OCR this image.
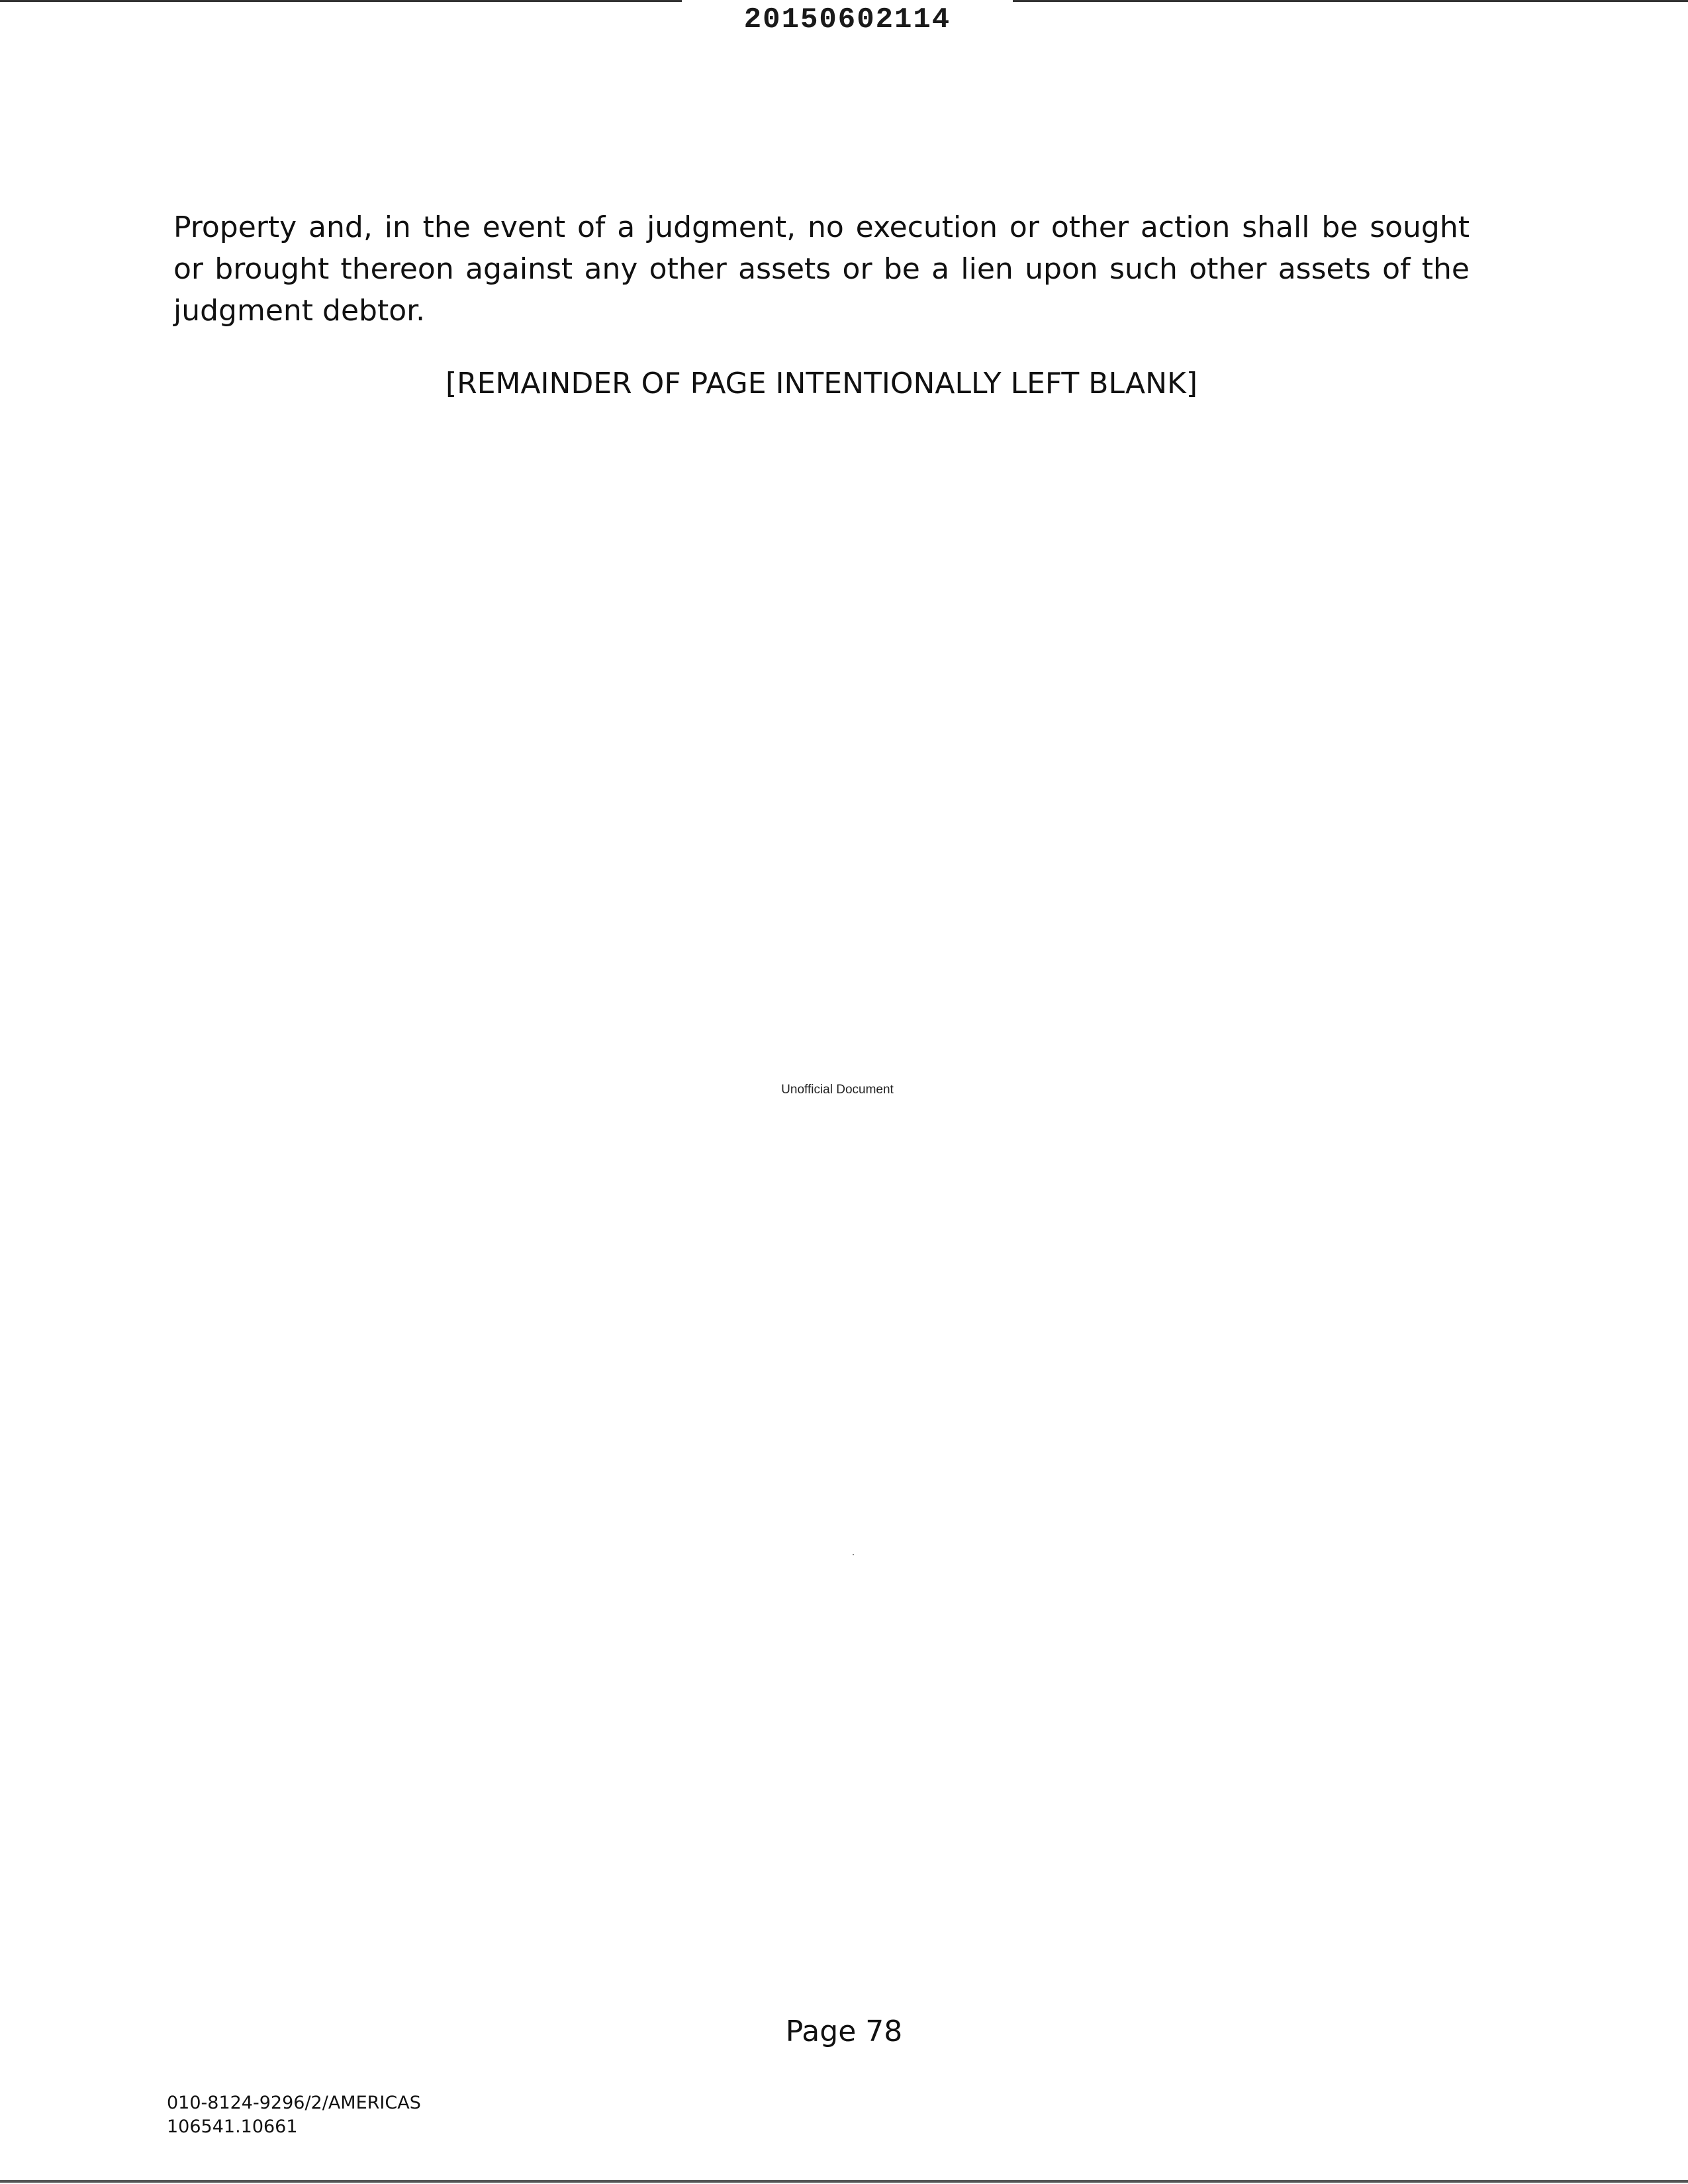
20150602114

Property and, in the event of a judgment, no execution or other action shall be sought or brought thereon against any other assets or be a lien upon such other assets of the judgment debtor.

[REMAINDER OF PAGE INTENTIONALLY LEFT BLANK]
Unofficial Document
Page 78
010-8124-9296/2/AMERICAS
106541.10661
